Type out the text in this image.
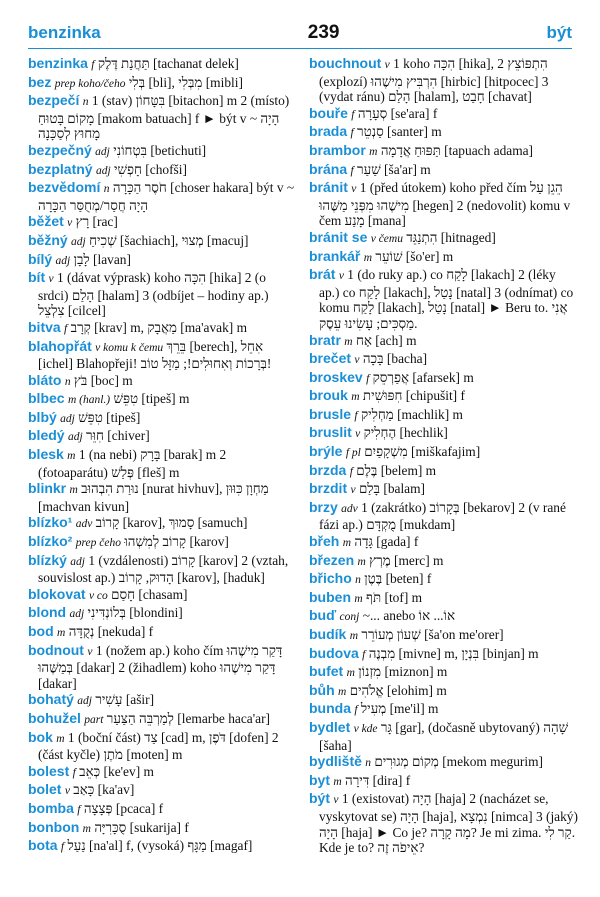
benzinka	239	být
benzinka f תַּחֲנַת דֶּלֶק [tachanat delek]
bez prep koho/čeho בְּלִי [bli], מִבְּלִי [mibli]
bezpečí n 1 (stav) בִּטָּחוֹן [bitachon] m 2 (místo) מָקוֹם בָּטוּחַ [makom batuach] f ► být v ~ הָיָה מָחוּץ לְסַכָּנָה
bezpečný adj בִּטְחוֹנִי [betichuti]
bezplatný adj חָפְשִׁי [chofši]
bezvědomí n חֹסֶר הַכָּרָה [choser hakara] být v ~ הָיָה חֲסַר/מְחֻסַּר הַכָּרָה
běžet v רָץ [rac]
běžný adj שְׁכִיחַ [šachiach], מְצוּי [macuj]
bílý adj לָבָן [lavan]
bít v 1 (dávat výprask) koho הִכָּה [hika] 2 (o srdci) הָלַם [halam] 3 (odbíjet – hodiny ap.) צִלְצֵל [cilcel]
bitva f קְרָב [krav] m, מַאֲבָק [ma'avak] m
blahopřát v komu k čemu בֵּרֵךְ [berech], אִחֵל [ichel] Blahopřeji! בְּרָכוֹת וְאִחוּלִים!; מַזָּל טוֹב!
bláto n בֹּץ [boc] m
blbec m (hanl.) טִפֵּשׁ [tipeš] m
blbý adj טִפֵּשׁ [tipeš]
bledý adj חִוֵּר [chiver]
blesk m 1 (na nebi) בָּרָק [barak] m 2 (fotoaparátu) פְּלַשׁ [fleš] m
blinkr m נוּרַת הִבְהוּב [nurat hivhuv], מַחְוָן כִּוּוּן [machvan kivun]
blízko¹ adv קָרוֹב [karov], סָמוּךְ [samuch]
blízko² prep čeho קָרוֹב לְמִשְׁהוּ [karov]
blízký adj 1 (vzdálenosti) קָרוֹב [karov] 2 (vztah, souvislost ap.) הָדוּק, קָרוֹב [karov], [haduk]
blokovat v co חָסַם [chasam]
blond adj בְּלוֹנְדִּינִי [blondini]
bod m נְקֻדָּה [nekuda] f
bodnout v 1 (nožem ap.) koho čím דָּקַר מִישֶׁהוּ בְּמַשֶּׁהוּ [dakar] 2 (žihadlem) koho דָּקַר מִישֶׁהוּ [dakar]
bohatý adj עָשִׁיר [ašir]
bohužel part לְמַרְבֵּה הַצַּעַר [lemarbe haca'ar]
bok m 1 (boční část) צַד [cad] m, דֹּפֶן [dofen] 2 (část kyčle) מֹתֶן [moten] m
bolest f כְּאֵב [ke'ev] m
bolet v כָּאַב [ka'av]
bomba f פְּצָצָה [pcaca] f
bonbon m סֻכָּרִיָּה [sukarija] f
bota f נַעַל [na'al] f, (vysoká) מַגָּף [magaf]
bouchnout v 1 koho הִכָּה [hika], הִתְפּוֹצֵץ 2 (explozí) הִרְבִּיץ מִישֶׁהוּ [hirbic] [hitpocec] 3 (vydat ránu) הָלַם [halam], חָבַט [chavat]
bouře f סְעָרָה [se'ara] f
brada f סַנְטֵר [santer] m
brambor m תַּפּוּחַ אֲדָמָה [tapuach adama]
brána f שַׁעַר [ša'ar] m
bránit v 1 (před útokem) koho před čím הֵגֵן עַל מִישֶׁהוּ מִפְּנֵי מַשֶּׁהוּ [hegen] 2 (nedovolit) komu v čem מָנַע [mana]
bránit se v čemu הִתְנַגֵּד [hitnaged]
brankář m שׁוֹעֵר [šo'er] m
brát v 1 (do ruky ap.) co לָקַח [lakach] 2 (léky ap.) co לָקַח [lakach], נָטַל [natal] 3 (odnímat) co komu לָקַח [lakach], נָטַל [natal] ► Beru to. אֲנִי מַסְכִּים; עָשִׂינוּ עֵסֶק.
bratr m אָח [ach] m
brečet v בָּכָה [bacha]
broskev f אֲפַרְסֵק [afarsek] m
brouk m חִפּוּשִׁית [chipušit] f
brusle f מַחְלִיק [machlik] m
bruslit v הֶחְלִיק [hechlik]
brýle f pl מִשְׁקָפַיִם [miškafajim]
brzda f בֶּלֶם [belem] m
brzdit v בָּלַם [balam]
brzy adv 1 (zakrátko) בְּקָרוֹב [bekarov] 2 (v rané fázi ap.) מֻקְדָּם [mukdam]
břeh m גָּדָה [gada] f
březen m מֶרְץ [merc] m
břicho n בֶּטֶן [beten] f
buben m תֹּף [tof] m
buď conj ~... anebo אוֹ... אוֹ
budík m שְׁעוֹן מְעוֹרֵר [ša'on me'orer]
budova f מִבְנֶה [mivne] m, בִּנְיָן [binjan] m
bufet m מִזְנוֹן [miznon] m
bůh m אֱלֹהִים [elohim] m
bunda f מְעִיל [me'il] m
bydlet v kde גָּר [gar], (dočasně ubytovaný) שָׁהָה [šaha]
bydliště n מְקוֹם מְגוּרִים [mekom megurim]
byt m דִּירָה [dira] f
být v 1 (existovat) הָיָה [haja] 2 (nacházet se, vyskytovat se) הָיָה [haja], נִמְצָא [nimca] 3 (jaký) הָיָה [haja] ► Co je? מָה קָרָה? Je mi zima. קַר לִי. Kde je to? אֵיפֹה זֶה?
